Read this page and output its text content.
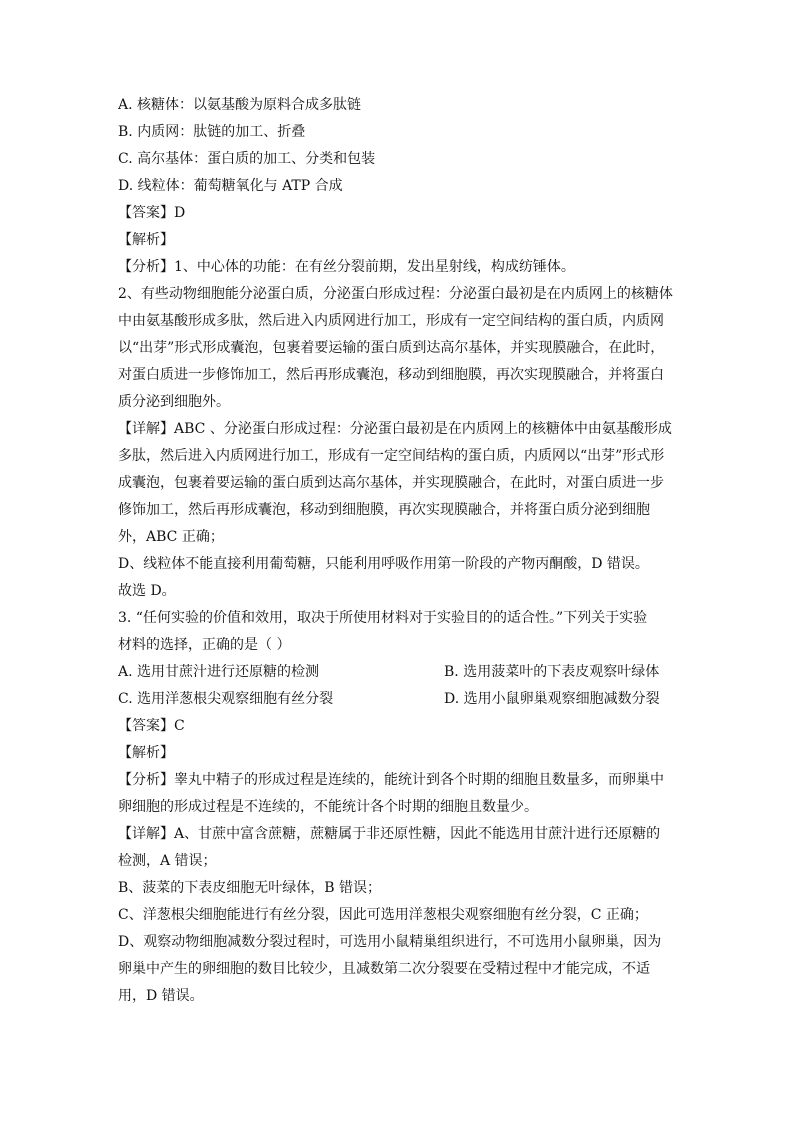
A. 核糖体：以氨基酸为原料合成多肽链
B. 内质网：肽链的加工、折叠
C. 高尔基体：蛋白质的加工、分类和包装
D. 线粒体：葡萄糖氧化与 ATP 合成
【答案】D
【解析】
【分析】1、中心体的功能：在有丝分裂前期，发出星射线，构成纺锤体。
2、有些动物细胞能分泌蛋白质，分泌蛋白形成过程：分泌蛋白最初是在内质网上的核糖体
中由氨基酸形成多肽，然后进入内质网进行加工，形成有一定空间结构的蛋白质，内质网
以“出芽”形式形成囊泡，包裹着要运输的蛋白质到达高尔基体，并实现膜融合，在此时，
对蛋白质进一步修饰加工，然后再形成囊泡，移动到细胞膜，再次实现膜融合，并将蛋白
质分泌到细胞外。
【详解】ABC 、分泌蛋白形成过程：分泌蛋白最初是在内质网上的核糖体中由氨基酸形成
多肽，然后进入内质网进行加工，形成有一定空间结构的蛋白质，内质网以“出芽”形式形
成囊泡，包裹着要运输的蛋白质到达高尔基体，并实现膜融合，在此时，对蛋白质进一步
修饰加工，然后再形成囊泡，移动到细胞膜，再次实现膜融合，并将蛋白质分泌到细胞
外，ABC 正确；
D、线粒体不能直接利用葡萄糖，只能利用呼吸作用第一阶段的产物丙酮酸，D 错误。
故选 D。
3. “任何实验的价值和效用，取决于所使用材料对于实验目的的适合性。”下列关于实验
材料的选择，正确的是（ ）
A. 选用甘蔗汁进行还原糖的检测	B. 选用菠菜叶的下表皮观察叶绿体
C. 选用洋葱根尖观察细胞有丝分裂	D. 选用小鼠卵巢观察细胞减数分裂
【答案】C
【解析】
【分析】睾丸中精子的形成过程是连续的，能统计到各个时期的细胞且数量多，而卵巢中
卵细胞的形成过程是不连续的，不能统计各个时期的细胞且数量少。
【详解】A、甘蔗中富含蔗糖，蔗糖属于非还原性糖，因此不能选用甘蔗汁进行还原糖的
检测，A 错误；
B、菠菜的下表皮细胞无叶绿体，B 错误；
C、洋葱根尖细胞能进行有丝分裂，因此可选用洋葱根尖观察细胞有丝分裂，C 正确；
D、观察动物细胞减数分裂过程时，可选用小鼠精巢组织进行，不可选用小鼠卵巢，因为
卵巢中产生的卵细胞的数目比较少，且减数第二次分裂要在受精过程中才能完成，不适
用，D 错误。
